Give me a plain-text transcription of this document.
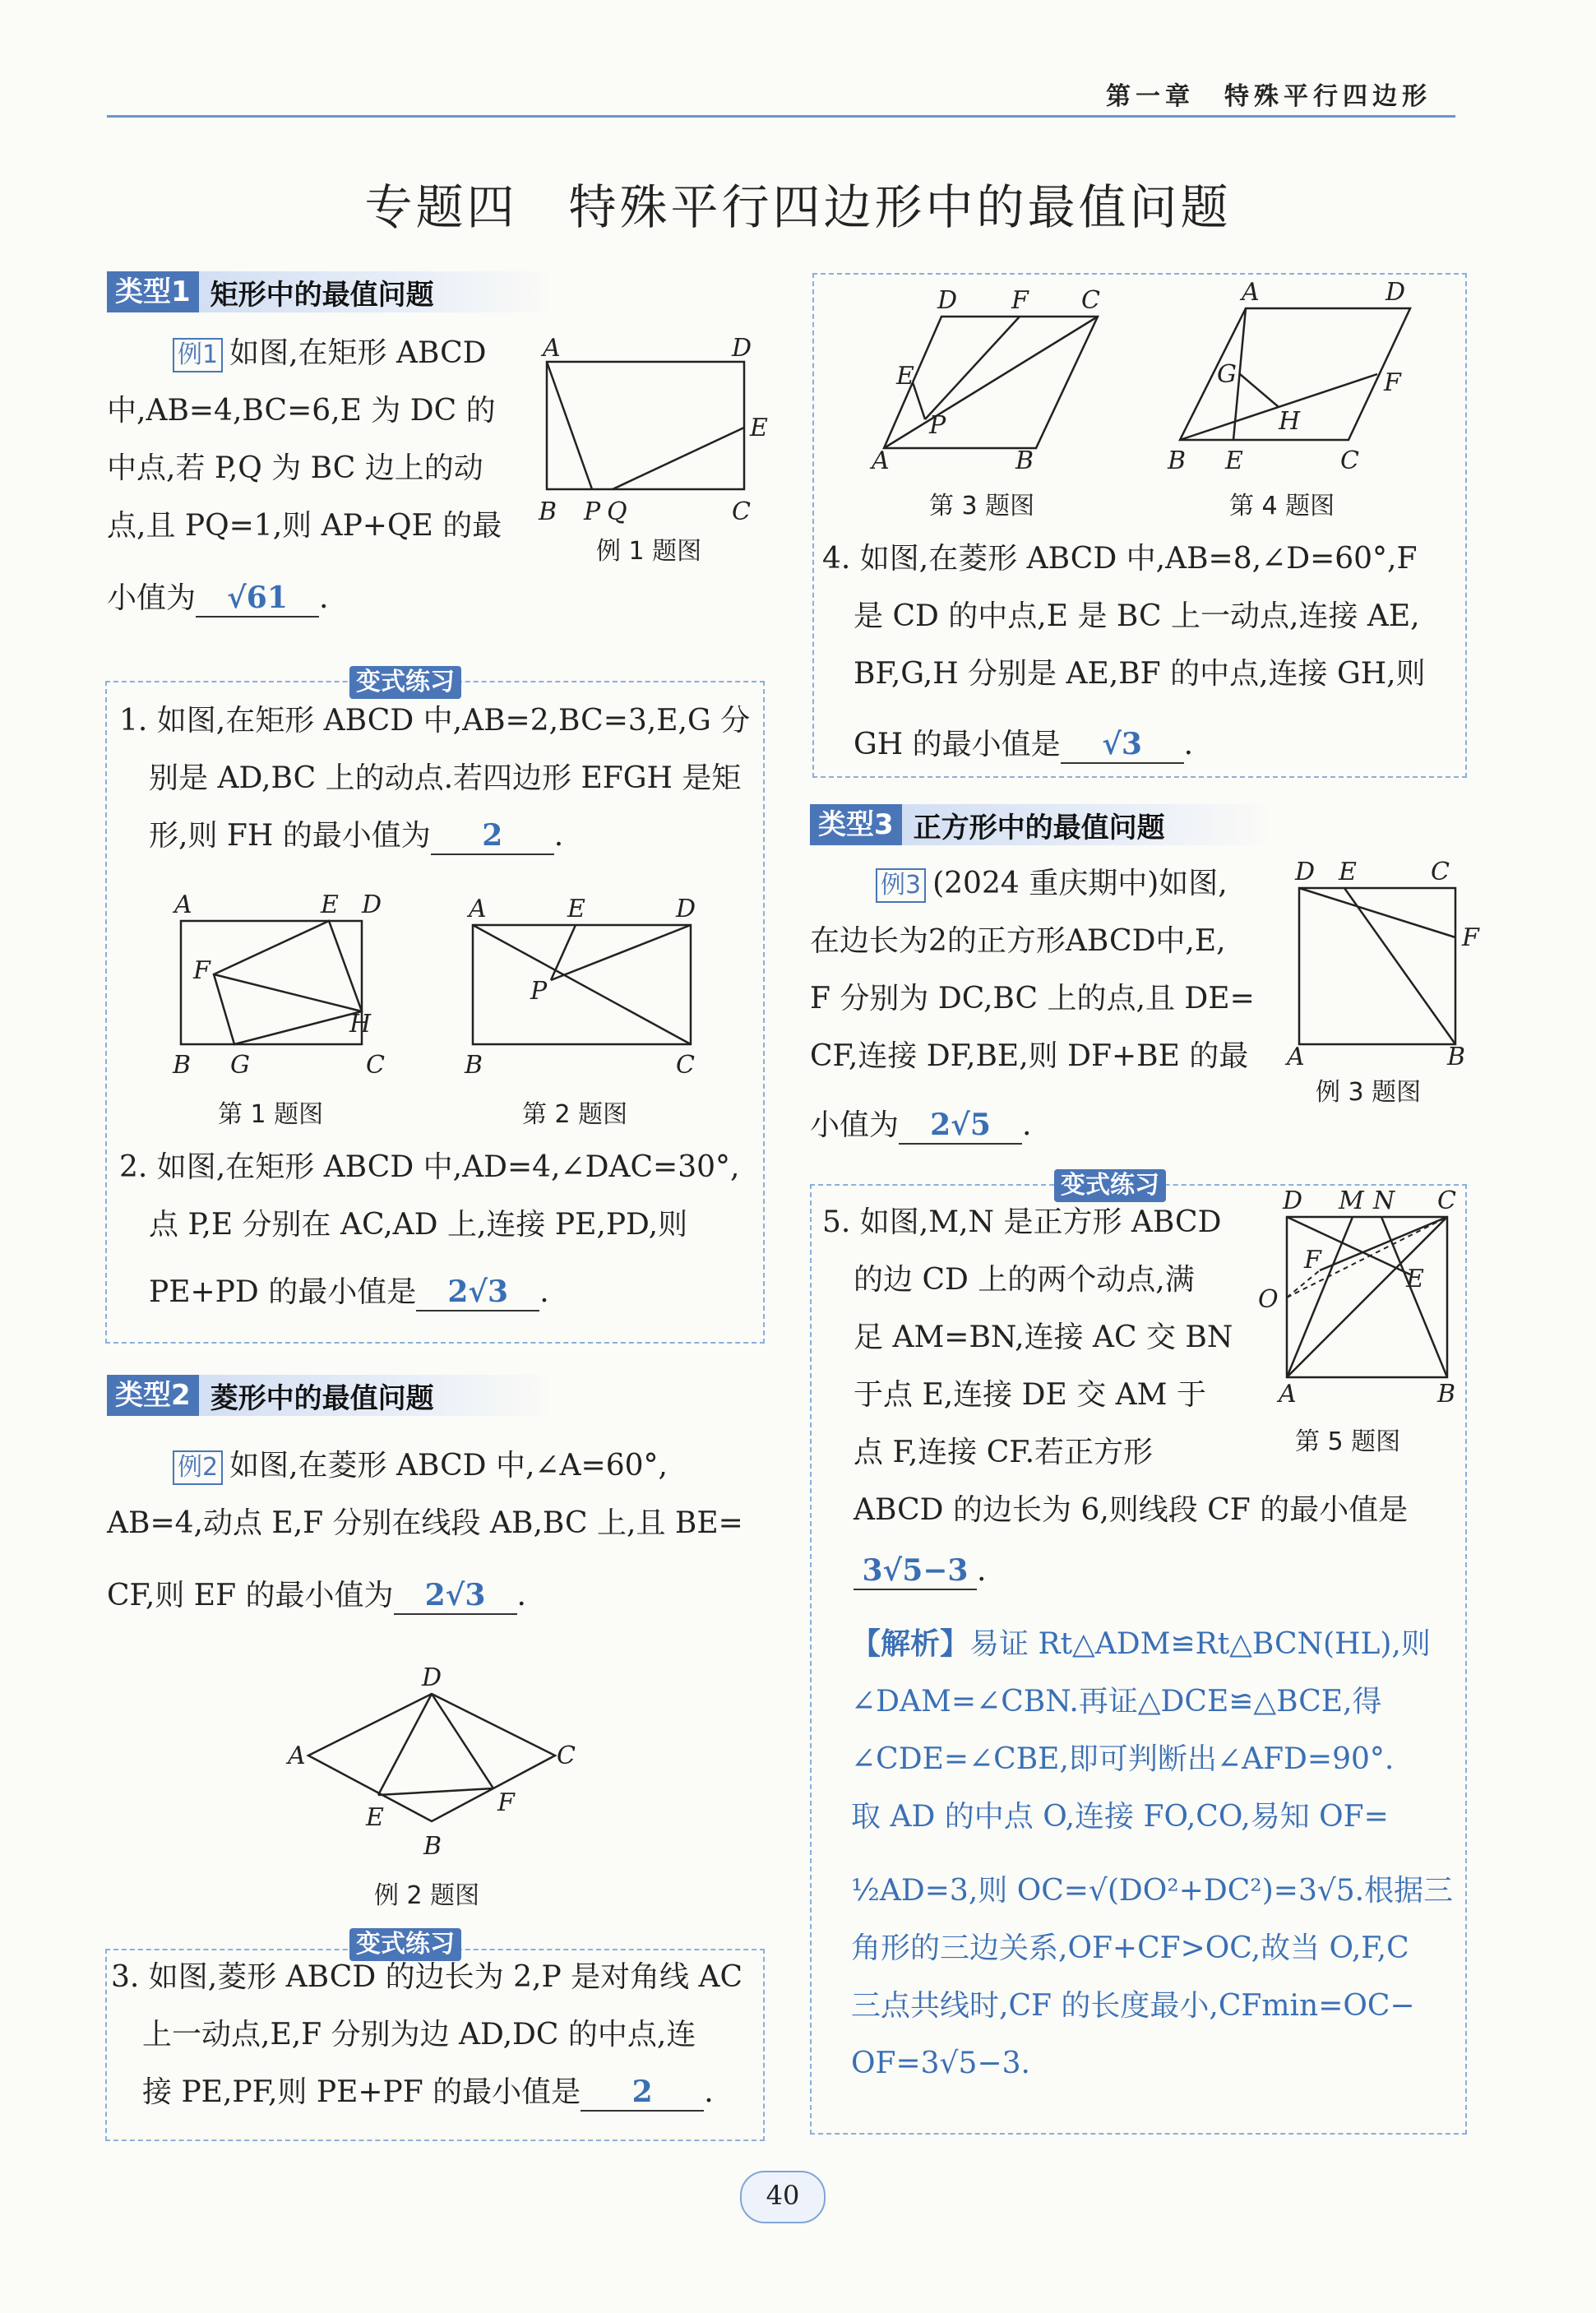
第一章　特殊平行四边形
专题四　特殊平行四边形中的最值问题
类型1 矩形中的最值问题
例1 如图,在矩形 ABCD
中,AB=4,BC=6,E 为 DC 的
中点,若 P,Q 为 BC 边上的动
点,且 PQ=1,则 AP+QE 的最
小值为 √61 .
A	D
E
B P Q	C
例 1 题图
变式练习
1. 如图,在矩形 ABCD 中,AB=2,BC=3,E,G 分
别是 AD,BC 上的动点.若四边形 EFGH 是矩
形,则 FH 的最小值为 2 .
A	E D
F
H
B G	C
A	E	D
P
B	C
第 1 题图	第 2 题图
2. 如图,在矩形 ABCD 中,AD=4,∠DAC=30°,
点 P,E 分别在 AC,AD 上,连接 PE,PD,则
PE+PD 的最小值是 2√3 .
类型2 菱形中的最值问题
例2 如图,在菱形 ABCD 中,∠A=60°,
AB=4,动点 E,F 分别在线段 AB,BC 上,且 BE=
CF,则 EF 的最小值为 2√3 .
D
A	C
F
E
B
例 2 题图
变式练习
3. 如图,菱形 ABCD 的边长为 2,P 是对角线 AC
上一动点,E,F 分别为边 AD,DC 的中点,连
接 PE,PF,则 PE+PF 的最小值是 2 .
D F C
E
P
A	B
A	D
G
H
F
B E	C
第 3 题图	第 4 题图
4. 如图,在菱形 ABCD 中,AB=8,∠D=60°,F
是 CD 的中点,E 是 BC 上一动点,连接 AE,
BF,G,H 分别是 AE,BF 的中点,连接 GH,则
GH 的最小值是 √3 .
类型3 正方形中的最值问题
例3 (2024 重庆期中)如图,
在边长为2的正方形ABCD中,E,
F 分别为 DC,BC 上的点,且 DE=
CF,连接 DF,BE,则 DF+BE 的最
小值为 2√5 .
D E	C
F
A	B
例 3 题图
变式练习
5. 如图,M,N 是正方形 ABCD
的边 CD 上的两个动点,满
足 AM=BN,连接 AC 交 BN
于点 E,连接 DE 交 AM 于
点 F,连接 CF.若正方形
ABCD 的边长为 6,则线段 CF 的最小值是
3√5−3 .
D M N C
F
E
O
A	B
第 5 题图
【解析】易证 Rt△ADM≌Rt△BCN(HL),则
∠DAM=∠CBN.再证△DCE≌△BCE,得
∠CDE=∠CBE,即可判断出∠AFD=90°.
取 AD 的中点 O,连接 FO,CO,易知 OF=
½AD=3,则 OC=√(DO²+DC²)=3√5.根据三
角形的三边关系,OF+CF>OC,故当 O,F,C
三点共线时,CF 的长度最小,CFmin=OC−
OF=3√5−3.
40
